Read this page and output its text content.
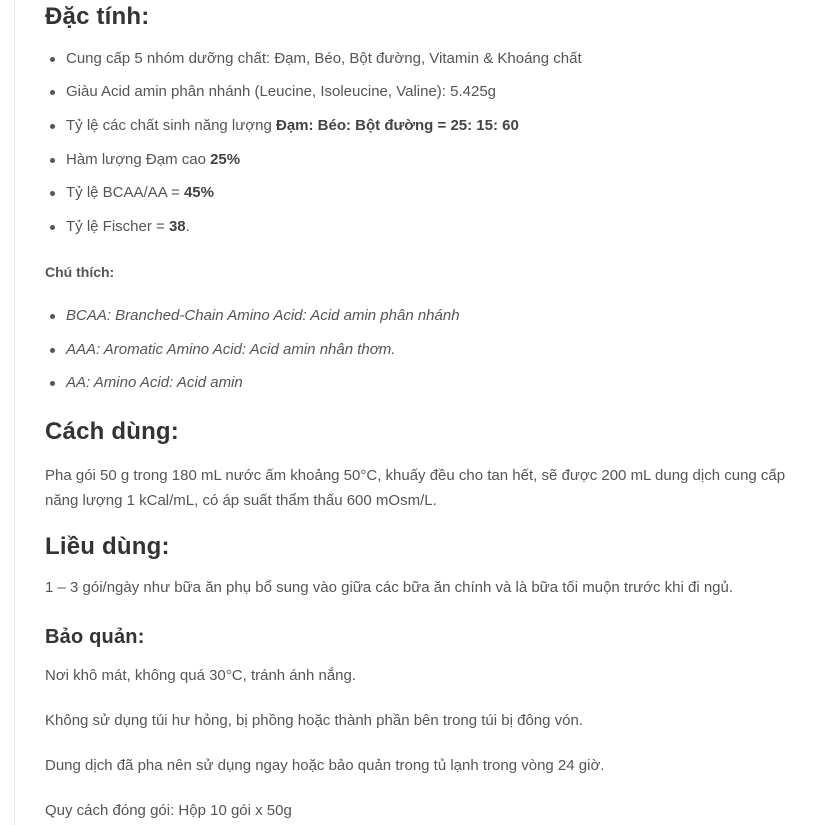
Đặc tính:
Cung cấp 5 nhóm dưỡng chất: Đạm, Béo, Bột đường, Vitamin & Khoáng chất
Giàu Acid amin phân nhánh (Leucine, Isoleucine, Valine): 5.425g
Tỷ lệ các chất sinh năng lượng Đạm: Béo: Bột đường = 25: 15: 60
Hàm lượng Đạm cao 25%
Tỷ lệ BCAA/AA = 45%
Tỷ lệ Fischer = 38.
Chú thích:
BCAA: Branched-Chain Amino Acid: Acid amin phân nhánh
AAA: Aromatic Amino Acid: Acid amin nhân thơm.
AA: Amino Acid: Acid amin
Cách dùng:

Pha gói 50 g trong 180 mL nước ấm khoảng 50°C, khuấy đều cho tan hết, sẽ được 200 mL dung dịch cung cấp năng lượng 1 kCal/mL, có áp suất thẩm thấu 600 mOsm/L.

Liều dùng:

1 – 3 gói/ngày như bữa ăn phụ bổ sung vào giữa các bữa ăn chính và là bữa tối muộn trước khi đi ngủ.

Bảo quản:

Nơi khô mát, không quá 30°C, tránh ánh nắng.

Không sử dụng túi hư hỏng, bị phồng hoặc thành phần bên trong túi bị đông vón.

Dung dịch đã pha nên sử dụng ngay hoặc bảo quản trong tủ lạnh trong vòng 24 giờ.

Quy cách đóng gói: Hộp 10 gói x 50g
